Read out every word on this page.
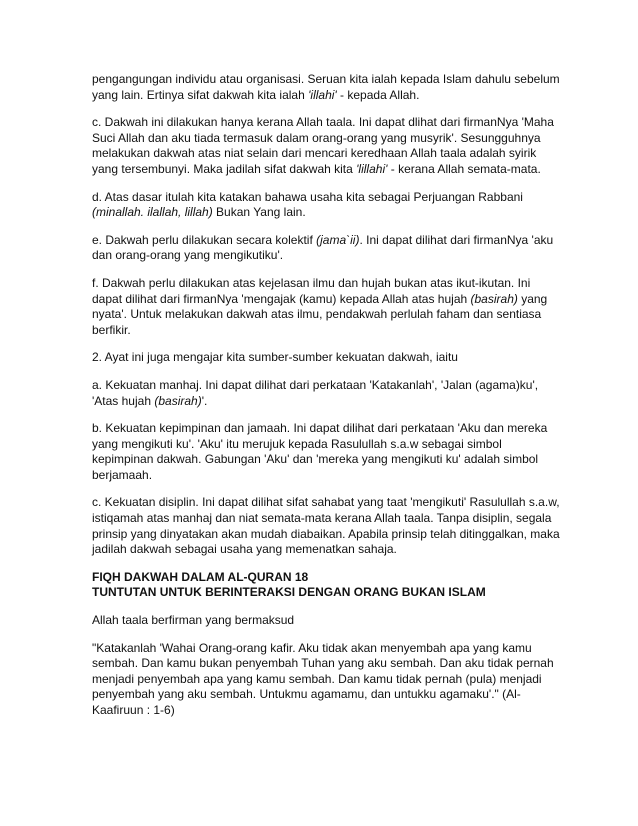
pengangungan individu atau organisasi. Seruan kita ialah kepada Islam dahulu sebelum yang lain. Ertinya sifat dakwah kita ialah 'illahi' - kepada Allah.

c. Dakwah ini dilakukan hanya kerana Allah taala. Ini dapat dlihat dari firmanNya 'Maha Suci Allah dan aku tiada termasuk dalam orang-orang yang musyrik'. Sesungguhnya melakukan dakwah atas niat selain dari mencari keredhaan Allah taala adalah syirik yang tersembunyi. Maka jadilah sifat dakwah kita 'lillahi' - kerana Allah semata-mata.

d. Atas dasar itulah kita katakan bahawa usaha kita sebagai Perjuangan Rabbani (minallah. ilallah, lillah) Bukan Yang lain.

e. Dakwah perlu dilakukan secara kolektif (jama`ii). Ini dapat dilihat dari firmanNya 'aku dan orang-orang yang mengikutiku'.

f. Dakwah perlu dilakukan atas kejelasan ilmu dan hujah bukan atas ikut-ikutan. Ini dapat dilihat dari firmanNya 'mengajak (kamu) kepada Allah atas hujah (basirah) yang nyata'. Untuk melakukan dakwah atas ilmu, pendakwah perlulah faham dan sentiasa berfikir.

2. Ayat ini juga mengajar kita sumber-sumber kekuatan dakwah, iaitu

a. Kekuatan manhaj. Ini dapat dilihat dari perkataan 'Katakanlah', 'Jalan (agama)ku', 'Atas hujah (basirah)'.

b. Kekuatan kepimpinan dan jamaah. Ini dapat dilihat dari perkataan 'Aku dan mereka yang mengikuti ku'. 'Aku' itu merujuk kepada Rasulullah s.a.w sebagai simbol kepimpinan dakwah. Gabungan 'Aku' dan 'mereka yang mengikuti ku' adalah simbol berjamaah.

c. Kekuatan disiplin. Ini dapat dilihat sifat sahabat yang taat 'mengikuti' Rasulullah s.a.w, istiqamah atas manhaj dan niat semata-mata kerana Allah taala. Tanpa disiplin, segala prinsip yang dinyatakan akan mudah diabaikan. Apabila prinsip telah ditinggalkan, maka jadilah dakwah sebagai usaha yang memenatkan sahaja.

FIQH DAKWAH DALAM AL-QURAN 18

TUNTUTAN UNTUK BERINTERAKSI DENGAN ORANG BUKAN ISLAM

Allah taala berfirman yang bermaksud

"Katakanlah 'Wahai Orang-orang kafir. Aku tidak akan menyembah apa yang kamu sembah. Dan kamu bukan penyembah Tuhan yang aku sembah. Dan aku tidak pernah menjadi penyembah apa yang kamu sembah. Dan kamu tidak pernah (pula) menjadi penyembah yang aku sembah. Untukmu agamamu, dan untukku agamaku'." (Al-Kaafiruun : 1-6)
